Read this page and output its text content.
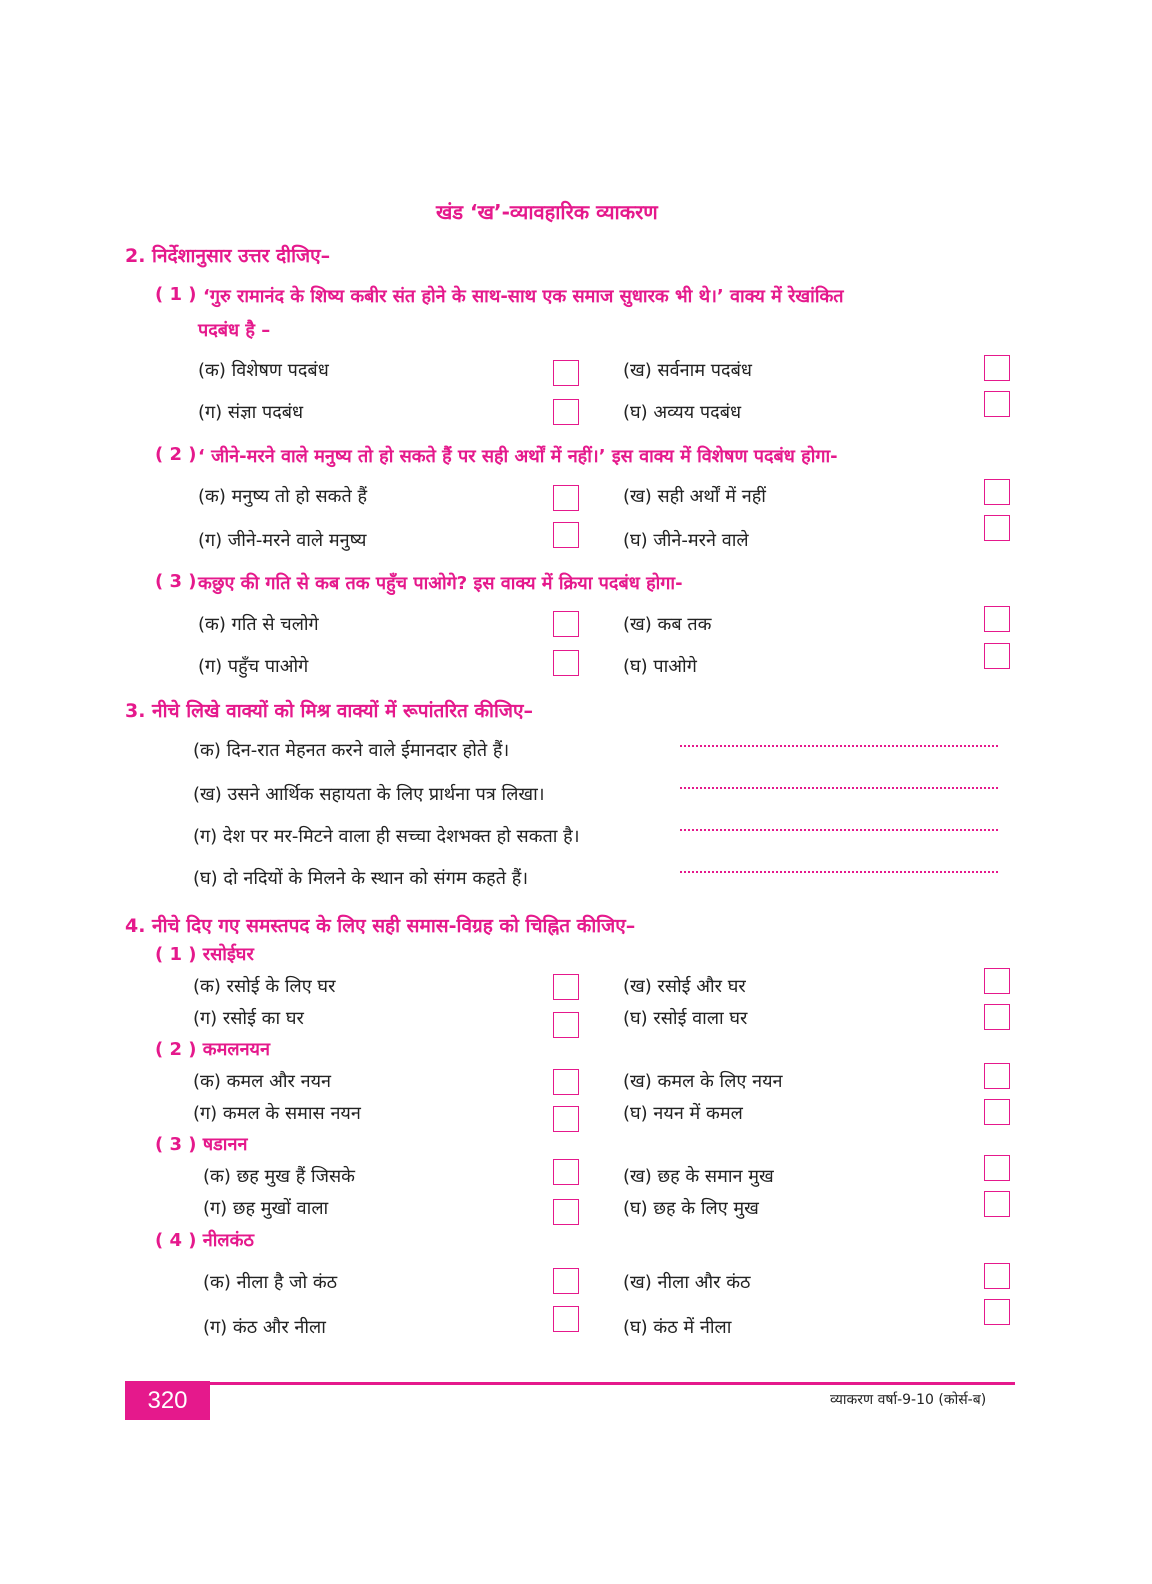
खंड ‘ख’-व्यावहारिक व्याकरण
2. निर्देशानुसार उत्तर दीजिए–
( 1 ) ‘गुरु रामानंद के शिष्य कबीर संत होने के साथ-साथ एक समाज सुधारक भी थे।’ वाक्य में रेखांकित
पदबंध है –
(क) विशेषण पदबंध	(ख) सर्वनाम पदबंध
(ग) संज्ञा पदबंध	(घ) अव्यय पदबंध
( 2 ) ‘ जीने-मरने वाले मनुष्य तो हो सकते हैं पर सही अर्थों में नहीं।’ इस वाक्य में विशेषण पदबंध होगा-
(क) मनुष्य तो हो सकते हैं	(ख) सही अर्थों में नहीं
(ग) जीने-मरने वाले मनुष्य	(घ) जीने-मरने वाले
( 3 ) कछुए की गति से कब तक पहुँच पाओगे? इस वाक्य में क्रिया पदबंध होगा-
(क) गति से चलोगे	(ख) कब तक
(ग) पहुँच पाओगे	(घ) पाओगे
3. नीचे लिखे वाक्यों को मिश्र वाक्यों में रूपांतरित कीजिए–
(क) दिन-रात मेहनत करने वाले ईमानदार होते हैं।
(ख) उसने आर्थिक सहायता के लिए प्रार्थना पत्र लिखा।
(ग) देश पर मर-मिटने वाला ही सच्चा देशभक्त हो सकता है।
(घ) दो नदियों के मिलने के स्थान को संगम कहते हैं।
4. नीचे दिए गए समस्तपद के लिए सही समास-विग्रह को चिह्नित कीजिए–
( 1 ) रसोईघर
(क) रसोई के लिए घर	(ख) रसोई और घर
(ग) रसोई का घर	(घ) रसोई वाला घर
( 2 ) कमलनयन
(क) कमल और नयन	(ख) कमल के लिए नयन
(ग) कमल के समास नयन	(घ) नयन में कमल
( 3 ) षडानन
(क) छह मुख हैं जिसके	(ख) छह के समान मुख
(ग) छह मुखों वाला	(घ) छह के लिए मुख
( 4 ) नीलकंठ
(क) नीला है जो कंठ	(ख) नीला और कंठ
(ग) कंठ और नीला	(घ) कंठ में नीला
320	व्याकरण वर्षा-9-10 (कोर्स-ब)
